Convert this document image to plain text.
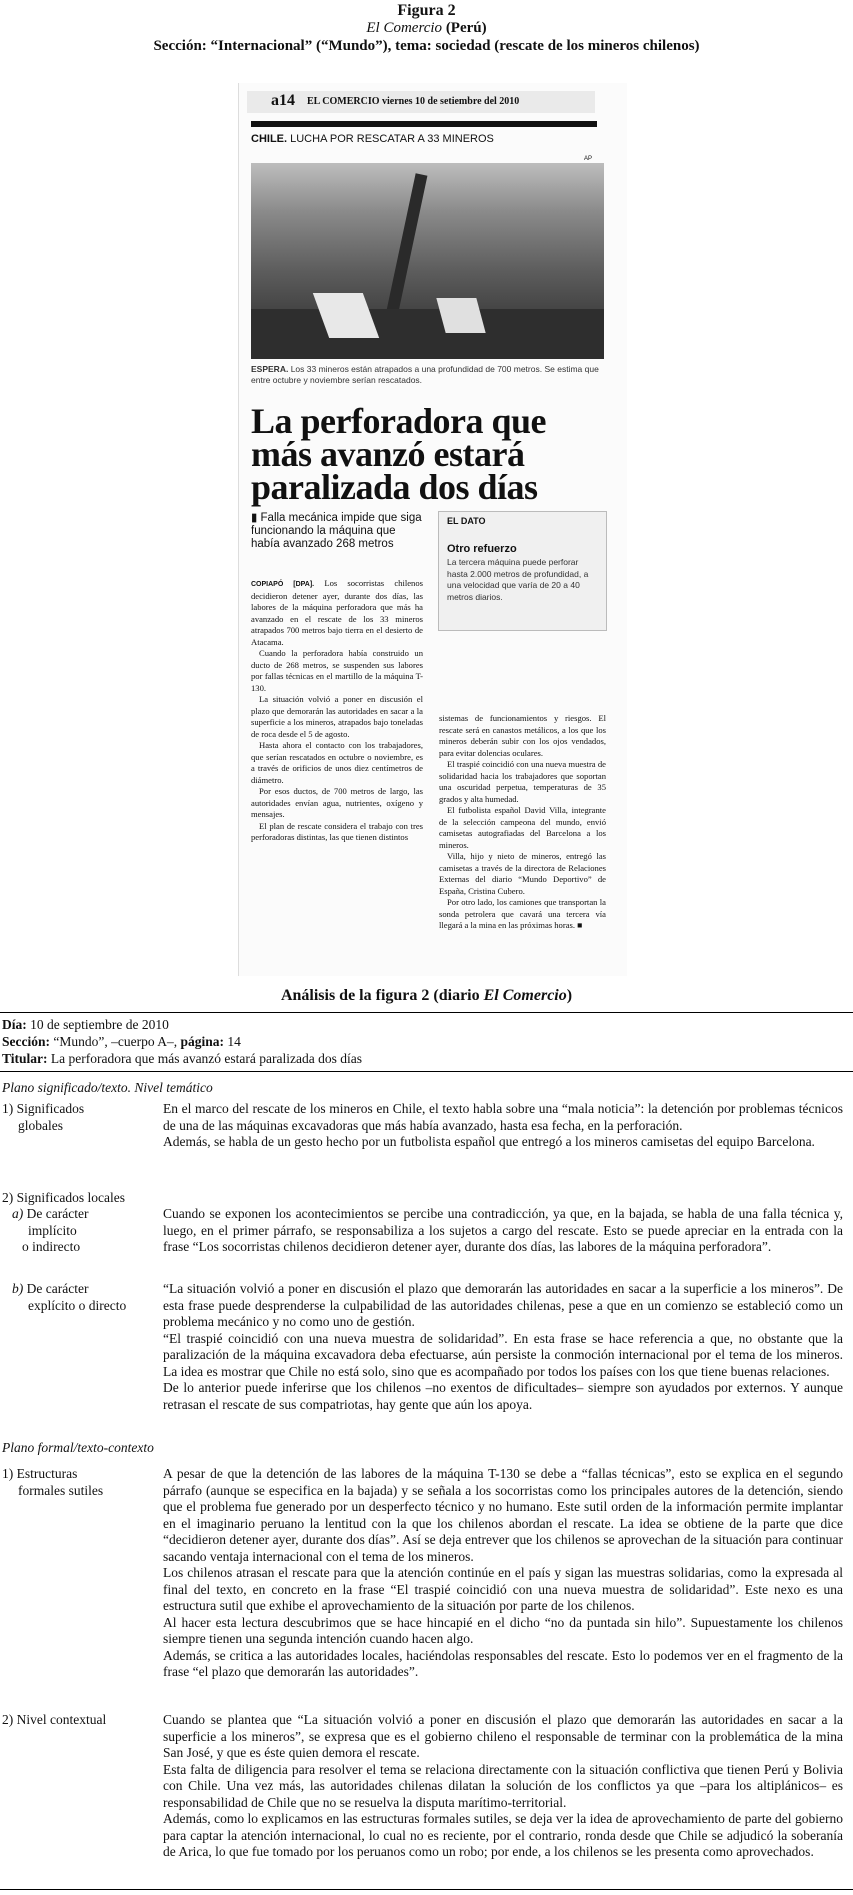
Figura 2
El Comercio (Perú)
Sección: “Internacional” (“Mundo”), tema: sociedad (rescate de los mineros chilenos)
a14 EL COMERCIO viernes 10 de setiembre del 2010
CHILE. LUCHA POR RESCATAR A 33 MINEROS
AP
ESPERA. Los 33 mineros están atrapados a una profundidad de 700 metros. Se estima que entre octubre y noviembre serían rescatados.
La perforadora que más avanzó estará paralizada dos días
▮ Falla mecánica impide que siga funcionando la máquina que había avanzado 268 metros
EL DATO
Otro refuerzo
La tercera máquina puede perforar hasta 2.000 metros de profundidad, a una velocidad que varía de 20 a 40 metros diarios.

COPIAPÓ [DPA]. Los socorristas chilenos decidieron detener ayer, durante dos días, las labores de la máquina perforadora que más ha avanzado en el rescate de los 33 mineros atrapados 700 metros bajo tierra en el desierto de Atacama.

Cuando la perforadora había construido un ducto de 268 metros, se suspenden sus labores por fallas técnicas en el martillo de la máquina T-130.

La situación volvió a poner en discusión el plazo que demorarán las autoridades en sacar a la superficie a los mineros, atrapados bajo toneladas de roca desde el 5 de agosto.

Hasta ahora el contacto con los trabajadores, que serían rescatados en octubre o noviembre, es a través de orificios de unos diez centímetros de diámetro.

Por esos ductos, de 700 metros de largo, las autoridades envían agua, nutrientes, oxígeno y mensajes.

El plan de rescate considera el trabajo con tres perforadoras distintas, las que tienen distintos

sistemas de funcionamientos y riesgos. El rescate será en canastos metálicos, a los que los mineros deberán subir con los ojos vendados, para evitar dolencias oculares.

El traspié coincidió con una nueva muestra de solidaridad hacia los trabajadores que soportan una oscuridad perpetua, temperaturas de 35 grados y alta humedad.

El futbolista español David Villa, integrante de la selección campeona del mundo, envió camisetas autografiadas del Barcelona a los mineros.

Villa, hijo y nieto de mineros, entregó las camisetas a través de la directora de Relaciones Externas del diario “Mundo Deportivo” de España, Cristina Cubero.

Por otro lado, los camiones que transportan la sonda petrolera que cavará una tercera vía llegará a la mina en las próximas horas. ■

Análisis de la figura 2 (diario El Comercio)
Día: 10 de septiembre de 2010
Sección: “Mundo”, –cuerpo A–, página: 14
Titular: La perforadora que más avanzó estará paralizada dos días
Plano significado/texto. Nivel temático
1) Significados
globales

En el marco del rescate de los mineros en Chile, el texto habla sobre una “mala noticia”: la detención por problemas técnicos de una de las máquinas excavadoras que más había avanzado, hasta esa fecha, en la perforación.

Además, se habla de un gesto hecho por un futbolista español que entregó a los mineros camisetas del equipo Barcelona.

2) Significados locales
a) De carácter
implícito
o indirecto

Cuando se exponen los acontecimientos se percibe una contradicción, ya que, en la bajada, se habla de una falla técnica y, luego, en el primer párrafo, se responsabiliza a los sujetos a cargo del rescate. Esto se puede apreciar en la entrada con la frase “Los socorristas chilenos decidieron detener ayer, durante dos días, las labores de la máquina perforadora”.

b) De carácter
explícito o directo

“La situación volvió a poner en discusión el plazo que demorarán las autoridades en sacar a la superficie a los mineros”. De esta frase puede desprenderse la culpabilidad de las autoridades chilenas, pese a que en un comienzo se estableció como un problema mecánico y no como uno de gestión.

“El traspié coincidió con una nueva muestra de solidaridad”. En esta frase se hace referencia a que, no obstante que la paralización de la máquina excavadora deba efectuarse, aún persiste la conmoción internacional por el tema de los mineros. La idea es mostrar que Chile no está solo, sino que es acompañado por todos los países con los que tiene buenas relaciones.

De lo anterior puede inferirse que los chilenos –no exentos de dificultades– siempre son ayudados por externos. Y aunque retrasan el rescate de sus compatriotas, hay gente que aún los apoya.

Plano formal/texto-contexto
1) Estructuras
formales sutiles

A pesar de que la detención de las labores de la máquina T-130 se debe a “fallas técnicas”, esto se explica en el segundo párrafo (aunque se especifica en la bajada) y se señala a los socorristas como los principales autores de la detención, siendo que el problema fue generado por un desperfecto técnico y no humano. Este sutil orden de la información permite implantar en el imaginario peruano la lentitud con la que los chilenos abordan el rescate. La idea se obtiene de la parte que dice “decidieron detener ayer, durante dos días”. Así se deja entrever que los chilenos se aprovechan de la situación para continuar sacando ventaja internacional con el tema de los mineros.

Los chilenos atrasan el rescate para que la atención continúe en el país y sigan las muestras solidarias, como la expresada al final del texto, en concreto en la frase “El traspié coincidió con una nueva muestra de solidaridad”. Este nexo es una estructura sutil que exhibe el aprovechamiento de la situación por parte de los chilenos.

Al hacer esta lectura descubrimos que se hace hincapié en el dicho “no da puntada sin hilo”. Supuestamente los chilenos siempre tienen una segunda intención cuando hacen algo.

Además, se critica a las autoridades locales, haciéndolas responsables del rescate. Esto lo podemos ver en el fragmento de la frase “el plazo que demorarán las autoridades”.

2) Nivel contextual	Cuando se plantea que “La situación volvió a poner en discusión el plazo que demorarán las autoridades en sacar a la superficie a los mineros”, se expresa que es el gobierno chileno el responsable de terminar con la problemática de la mina San José, y que es éste quien demora el rescate.

Esta falta de diligencia para resolver el tema se relaciona directamente con la situación conflictiva que tienen Perú y Bolivia con Chile. Una vez más, las autoridades chilenas dilatan la solución de los conflictos ya que –para los altiplánicos– es responsabilidad de Chile que no se resuelva la disputa marítimo-territorial.

Además, como lo explicamos en las estructuras formales sutiles, se deja ver la idea de aprovechamiento de parte del gobierno para captar la atención internacional, lo cual no es reciente, por el contrario, ronda desde que Chile se adjudicó la soberanía de Arica, lo que fue tomado por los peruanos como un robo; por ende, a los chilenos se les presenta como aprovechados.
